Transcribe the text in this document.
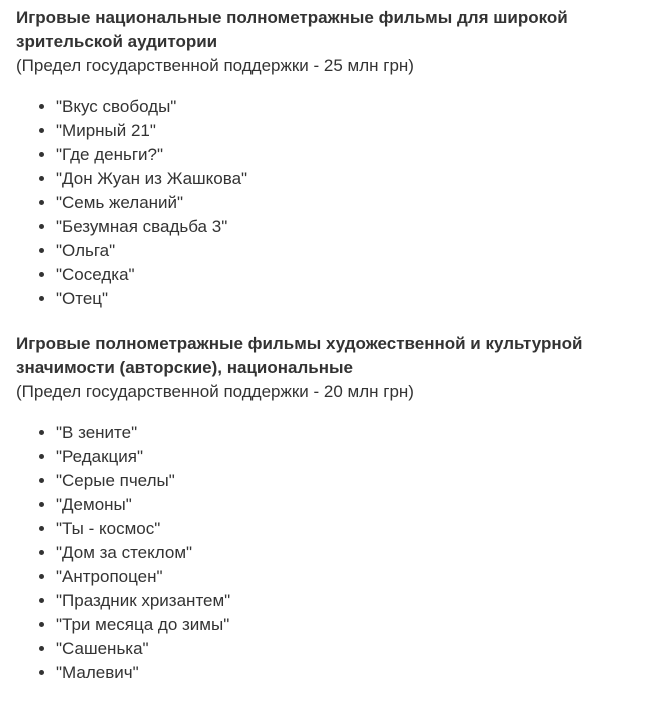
Игровые национальные полнометражные фильмы для широкой зрительской аудитории
(Предел государственной поддержки - 25 млн грн)

• "Вкус свободы"
• "Мирный 21"
• "Где деньги?"
• "Дон Жуан из Жашкова"
• "Семь желаний"
• "Безумная свадьба 3"
• "Ольга"
• "Соседка"
• "Отец"

Игровые полнометражные фильмы художественной и культурной значимости (авторские), национальные
(Предел государственной поддержки - 20 млн грн)

• "В зените"
• "Редакция"
• "Серые пчелы"
• "Демоны"
• "Ты - космос"
• "Дом за стеклом"
• "Антропоцен"
• "Праздник хризантем"
• "Три месяца до зимы"
• "Сашенька"
• "Малевич"
